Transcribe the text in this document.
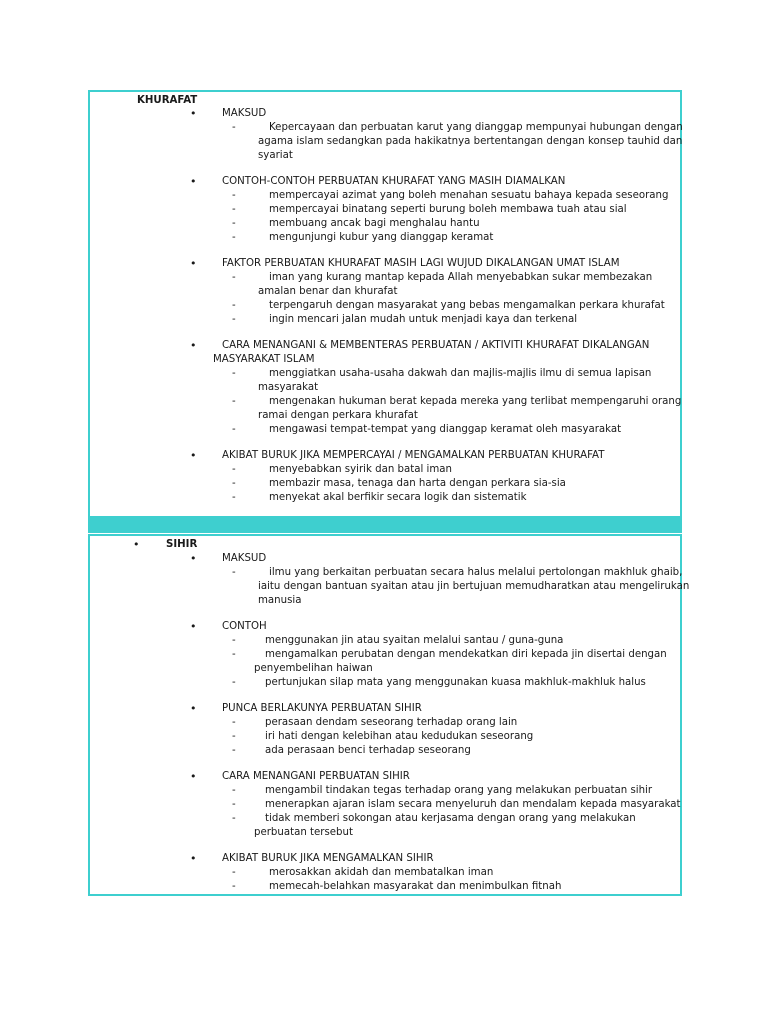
KHURAFAT
•	MAKSUD
-	Kepercayaan dan perbuatan karut yang dianggap mempunyai hubungan dengan
agama islam sedangkan pada hakikatnya bertentangan dengan konsep tauhid dan
syariat
•	CONTOH-CONTOH PERBUATAN KHURAFAT YANG MASIH DIAMALKAN
-	mempercayai azimat yang boleh menahan sesuatu bahaya kepada seseorang
-	mempercayai binatang seperti burung boleh membawa tuah atau sial
-	membuang ancak bagi menghalau hantu
-	mengunjungi kubur yang dianggap keramat
•	FAKTOR PERBUATAN KHURAFAT MASIH LAGI WUJUD DIKALANGAN UMAT ISLAM
-	iman yang kurang mantap kepada Allah menyebabkan sukar membezakan
amalan benar dan khurafat
-	terpengaruh dengan masyarakat yang bebas mengamalkan perkara khurafat
-	ingin mencari jalan mudah untuk menjadi kaya dan terkenal
•	CARA MENANGANI & MEMBENTERAS PERBUATAN / AKTIVITI KHURAFAT DIKALANGAN
MASYARAKAT ISLAM
-	menggiatkan usaha-usaha dakwah dan majlis-majlis ilmu di semua lapisan
masyarakat
-	mengenakan hukuman berat kepada mereka yang terlibat mempengaruhi orang
ramai dengan perkara khurafat
-	mengawasi tempat-tempat yang dianggap keramat oleh masyarakat
•	AKIBAT BURUK JIKA MEMPERCAYAI / MENGAMALKAN PERBUATAN KHURAFAT
-	menyebabkan syirik dan batal iman
-	membazir masa, tenaga dan harta dengan perkara sia-sia
-	menyekat akal berfikir secara logik dan sistematik
•	SIHIR
•	MAKSUD
-	ilmu yang berkaitan perbuatan secara halus melalui pertolongan makhluk ghaib,
iaitu dengan bantuan syaitan atau jin bertujuan memudharatkan atau mengelirukan
manusia
•	CONTOH
-	menggunakan jin atau syaitan melalui santau / guna-guna
-	mengamalkan perubatan dengan mendekatkan diri kepada jin disertai dengan
penyembelihan haiwan
-	pertunjukan silap mata yang menggunakan kuasa makhluk-makhluk halus
•	PUNCA BERLAKUNYA PERBUATAN SIHIR
-	perasaan dendam seseorang terhadap orang lain
-	iri hati dengan kelebihan atau kedudukan seseorang
-	ada perasaan benci terhadap seseorang
•	CARA MENANGANI PERBUATAN SIHIR
-	mengambil tindakan tegas terhadap orang yang melakukan perbuatan sihir
-	menerapkan ajaran islam secara menyeluruh dan mendalam kepada masyarakat
-	tidak memberi sokongan atau kerjasama dengan orang yang melakukan
perbuatan tersebut
•	AKIBAT BURUK JIKA MENGAMALKAN SIHIR
-	merosakkan akidah dan membatalkan iman
-	memecah-belahkan masyarakat dan menimbulkan fitnah
